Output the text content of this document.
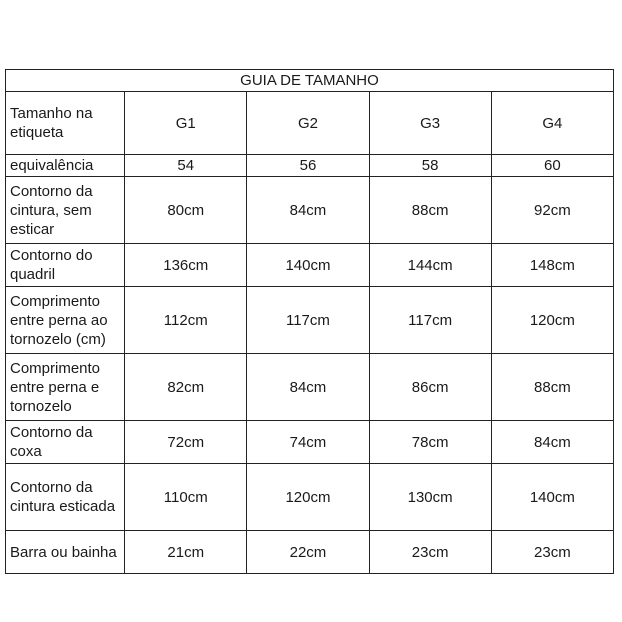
GUIA DE TAMANHO				
Tamanho na etiqueta	G1	G2	G3	G4
equivalência	54	56	58	60
Contorno da cintura, sem esticar	80cm	84cm	88cm	92cm
Contorno do quadril	136cm	140cm	144cm	148cm
Comprimento entre perna ao tornozelo (cm)	112cm	117cm	117cm	120cm
Comprimento entre perna e tornozelo	82cm	84cm	86cm	88cm
Contorno da coxa	72cm	74cm	78cm	84cm
Contorno da cintura esticada	110cm	120cm	130cm	140cm
Barra ou bainha	21cm	22cm	23cm	23cm
